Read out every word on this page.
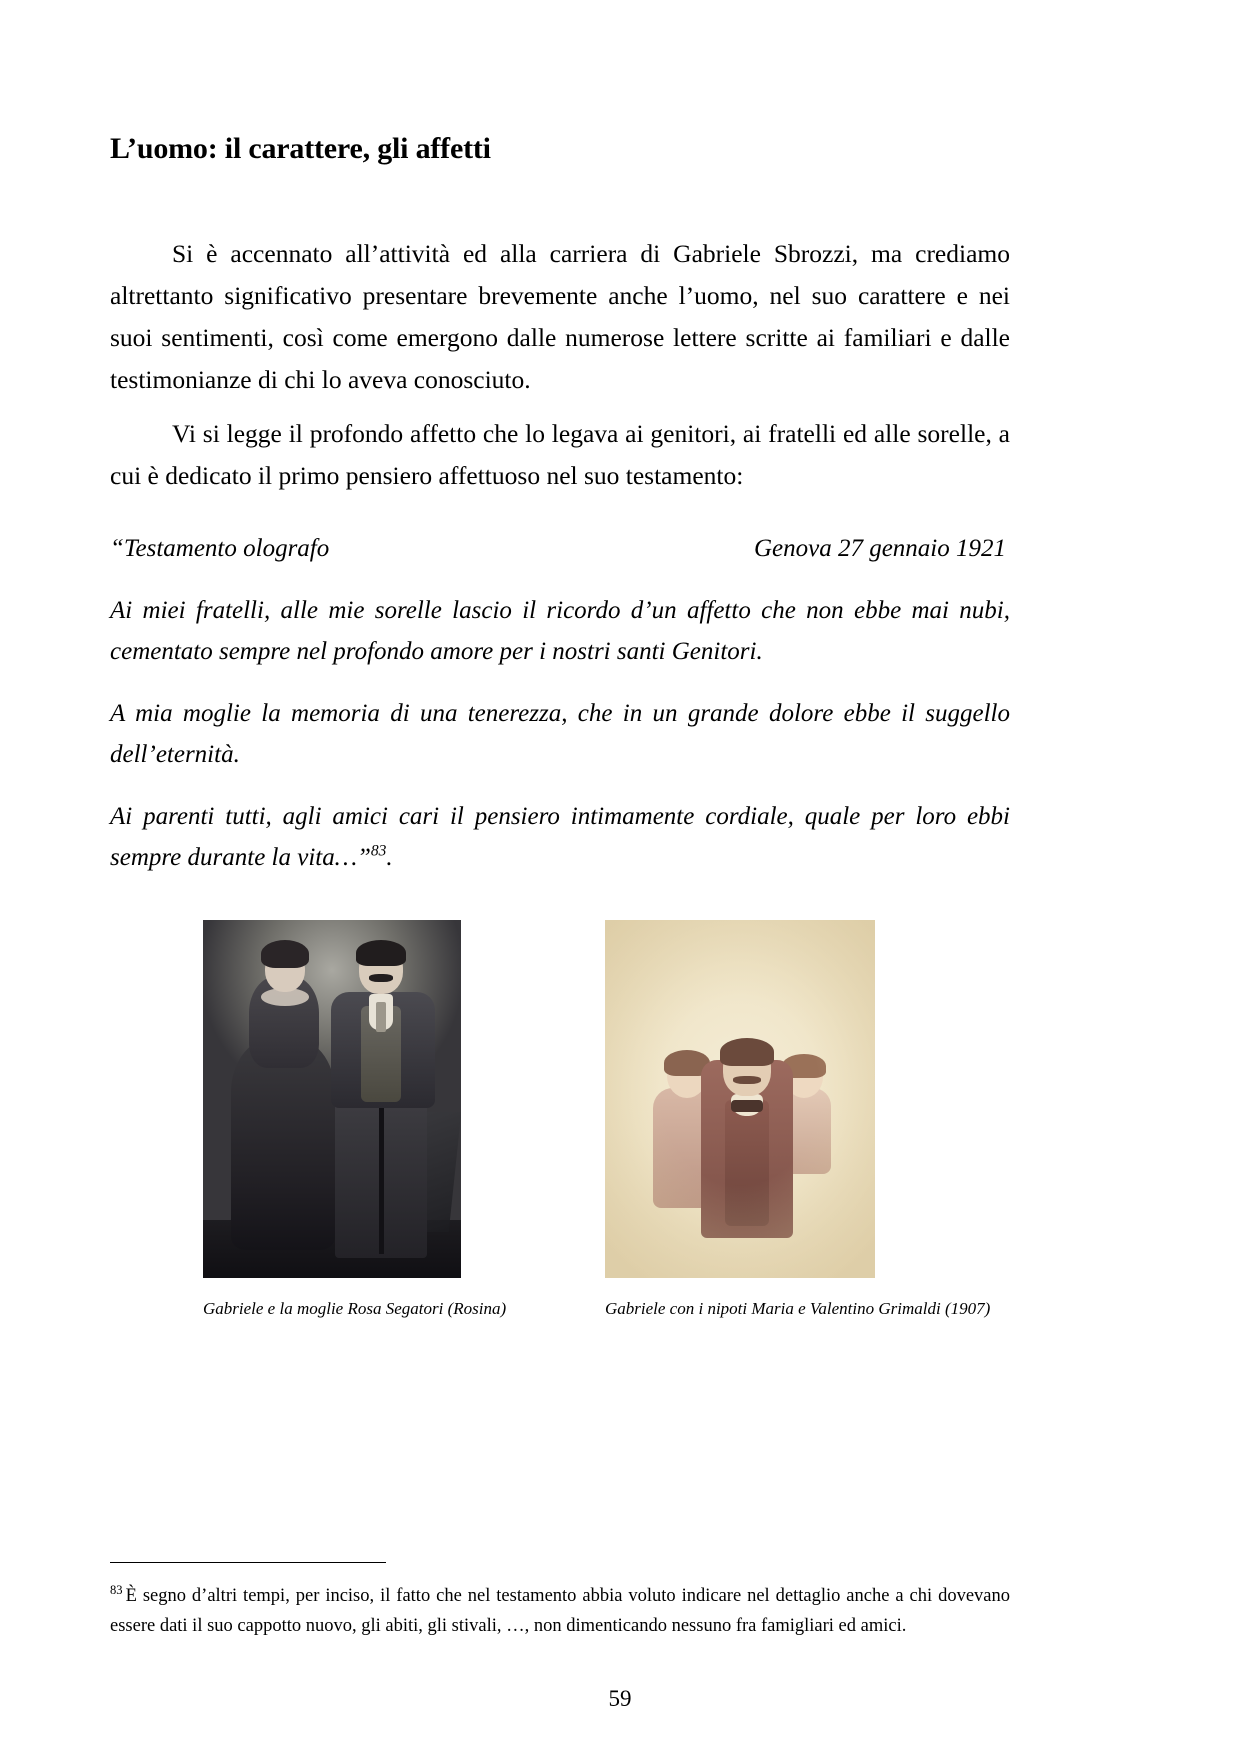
L’uomo: il carattere, gli affetti

Si è accennato all’attività ed alla carriera di Gabriele Sbrozzi, ma crediamo altrettanto significativo presentare brevemente anche l’uomo, nel suo carattere e nei suoi sentimenti, così come emergono dalle numerose lettere scritte ai familiari e dalle testimonianze di chi lo aveva conosciuto.

Vi si legge il profondo affetto che lo legava ai genitori, ai fratelli ed alle sorelle, a cui è dedicato il primo pensiero affettuoso nel suo testamento:

“Testamento olografo	Genova 27 gennaio 1921

Ai miei fratelli, alle mie sorelle lascio il ricordo d’un affetto che non ebbe mai nubi, cementato sempre nel profondo amore per i nostri santi Genitori.

A mia moglie la memoria di una tenerezza, che in un grande dolore ebbe il suggello dell’eternità.

Ai parenti tutti, agli amici cari il pensiero intimamente cordiale, quale per loro ebbi sempre durante la vita…”$^{83}$.

Gabriele e la moglie Rosa Segatori (Rosina)	Gabriele con i nipoti Maria e Valentino Grimaldi (1907)

$^{83}$ È segno d’altri tempi, per inciso, il fatto che nel testamento abbia voluto indicare nel dettaglio anche a chi dovevano essere dati il suo cappotto nuovo, gli abiti, gli stivali, …, non dimenticando nessuno fra famigliari ed amici.

59
